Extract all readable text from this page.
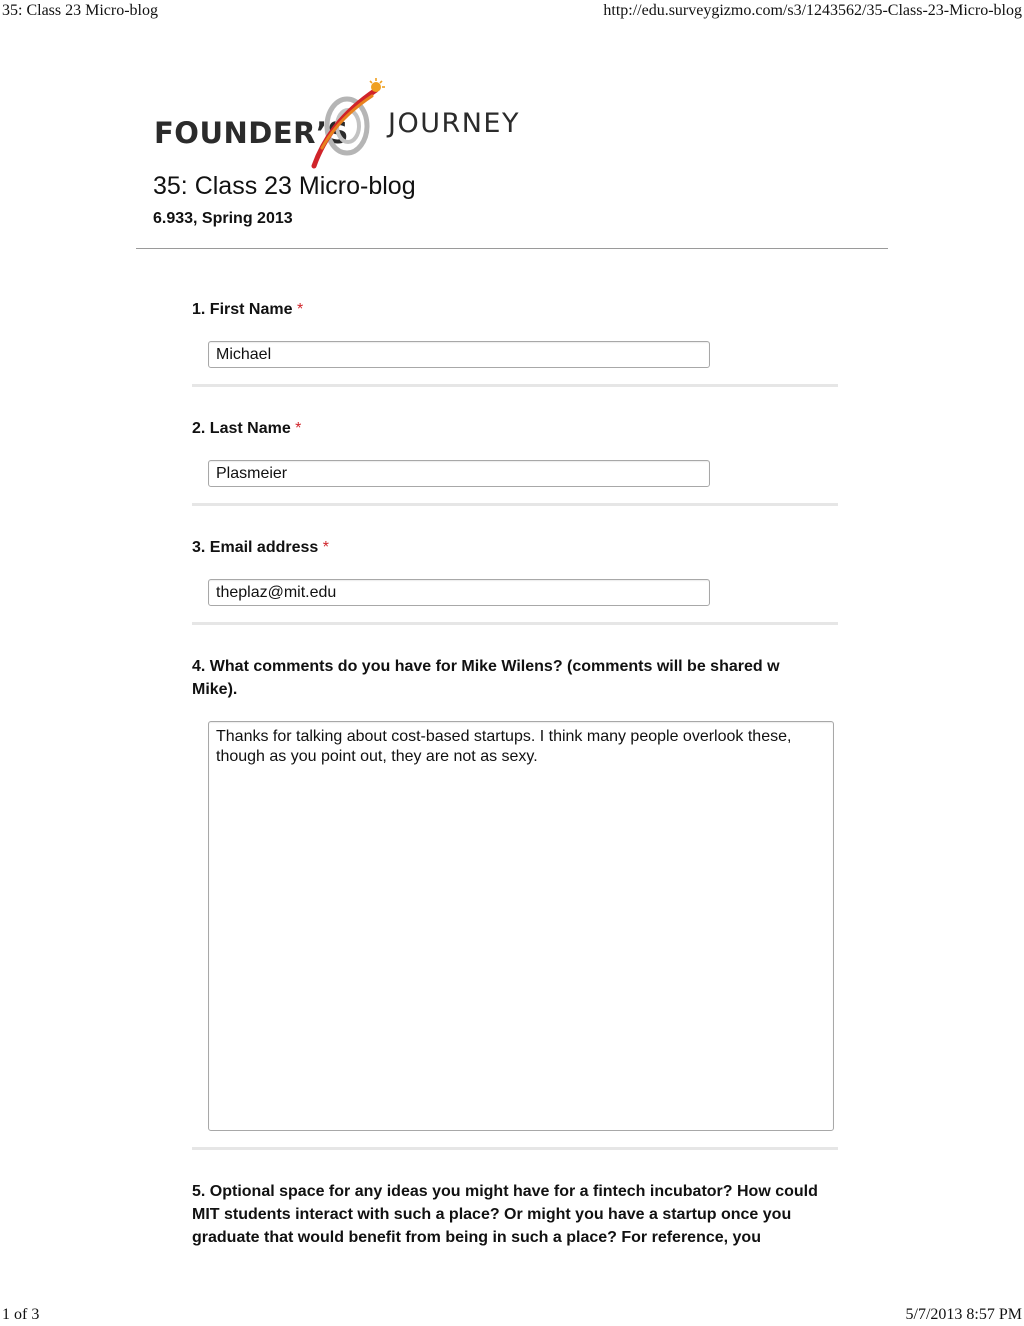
35: Class 23 Micro-blog	http://edu.surveygizmo.com/s3/1243562/35-Class-23-Micro-blog
FOUNDER’S JOURNEY
35: Class 23 Micro-blog
6.933, Spring 2013
1. First Name *
Michael
2. Last Name *
Plasmeier
3. Email address *
theplaz@mit.edu
4. What comments do you have for Mike Wilens? (comments will be shared w Mike).
Thanks for talking about cost-based startups. I think many people overlook these, though as you point out, they are not as sexy.
5. Optional space for any ideas you might have for a fintech incubator? How could MIT students interact with such a place? Or might you have a startup once you graduate that would benefit from being in such a place? For reference, you
1 of 3	5/7/2013 8:57 PM
